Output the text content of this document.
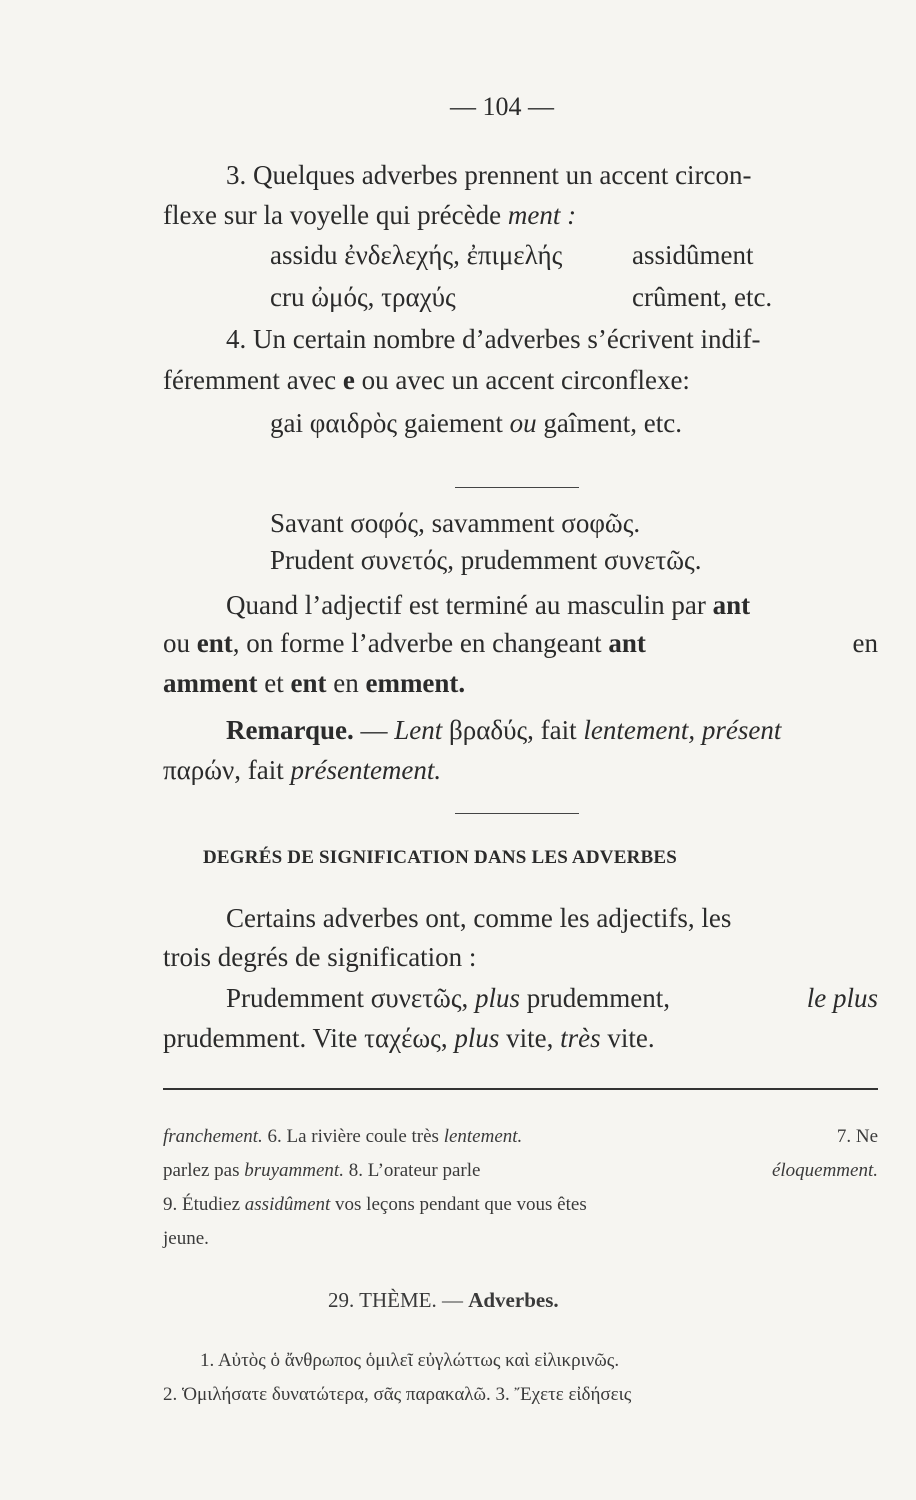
— 104 —
3. Quelques adverbes prennent un accent circon-
flexe sur la voyelle qui précède ment :
assidu ἐνδελεχής, ἐπιμελής	assidûment
cru ὠμός, τραχύς	crûment, etc.
4. Un certain nombre d’adverbes s’écrivent indif-
féremment avec e ou avec un accent circonflexe:
gai φαιδρὸς gaiement ou gaîment, etc.
Savant σοφός, savamment σοφῶς.
Prudent συνετός, prudemment συνετῶς.
Quand l’adjectif est terminé au masculin par ant
ou ent, on forme l’adverbe en changeant ant	en
amment et ent en emment.
Remarque. — Lent βραδύς, fait lentement, présent
παρών, fait présentement.
DEGRÉS DE SIGNIFICATION DANS LES ADVERBES
Certains adverbes ont, comme les adjectifs, les
trois degrés de signification :
Prudemment συνετῶς, plus prudemment,	le plus
prudemment. Vite ταχέως, plus vite, très vite.
franchement. 6. La rivière coule très lentement.	7. Ne
parlez pas bruyamment. 8. L’orateur parle	éloquemment.
9. Étudiez assidûment vos leçons pendant que vous êtes
jeune.
29. THÈME. — Adverbes.
1. Αὐτὸς ὁ ἄνθρωπος ὁμιλεῖ εὐγλώττως καὶ εἰλικρινῶς.
2. Ὁμιλήσατε δυνατώτερα, σᾶς παρακαλῶ. 3. Ἔχετε εἰδήσεις
